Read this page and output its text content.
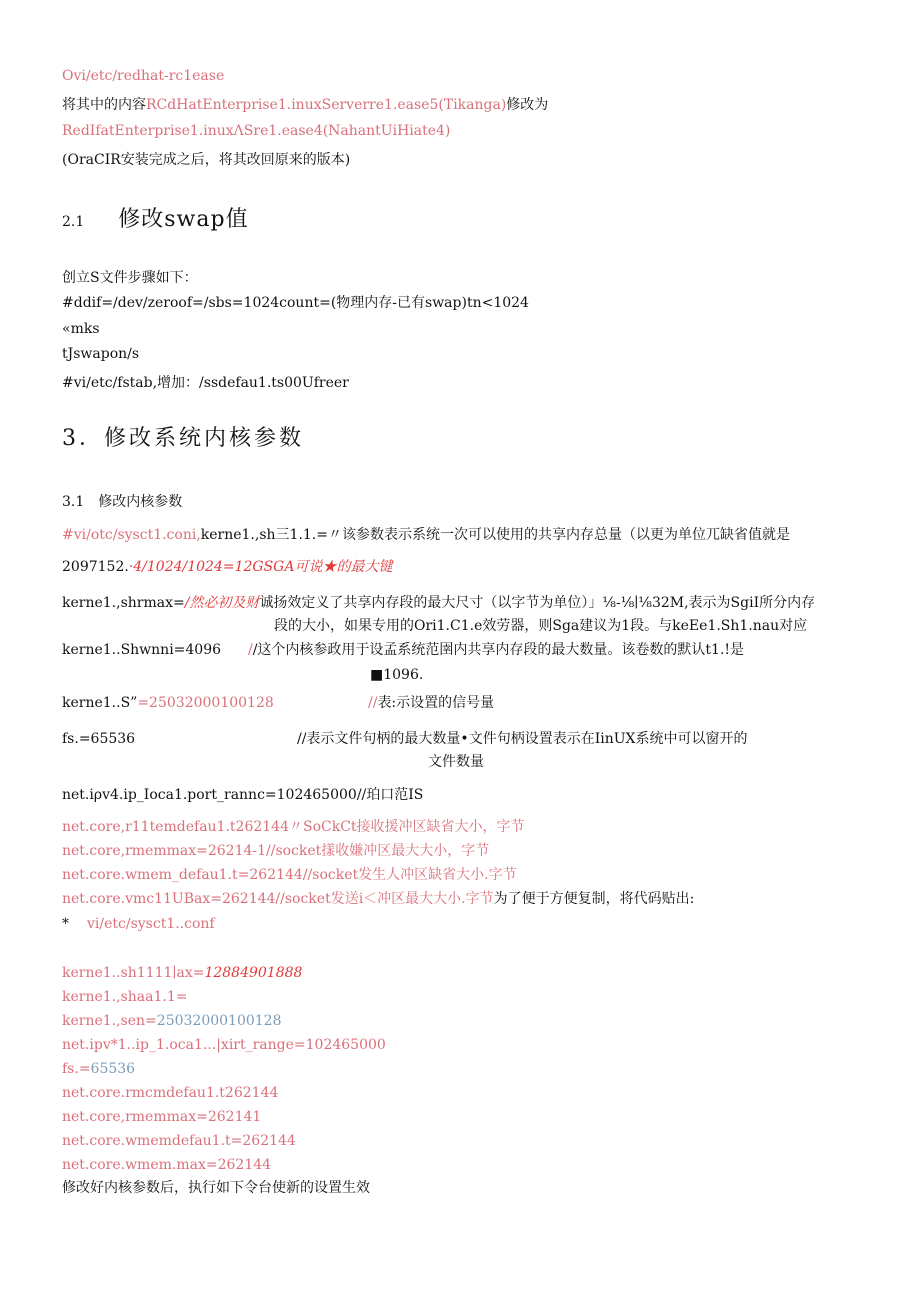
Ovi∕etc∕redhat-rc1ease
将其中的内容RCdHatEnterprise1.inuxServerre1.ease5(Tikanga)修改为
RedIfatEnterprise1.inuxΛSre1.ease4(NahantUiHiate4)
(OraCIR安装完成之后，将其改回原来的版本)
2.1 修改swap值
创立S文件步骤如下：
#ddif=∕dev∕zeroof=∕sbs=1024count=(物理内存-已有swap)tn<1024
«mks
tJswapon∕s
#vi∕etc∕fstab,增加：/ssdefau1.ts00Ufreer
3．修改系统内核参数
3.1 修改内核参数
#vi∕otc∕sysct1.coni,kerne1.,sh三1.1.=〃该参数表示系统一次可以使用的共享内存总量（以更为单位兀缺省值就是
2097152.·4/1024/1024=12GSGA可说★的最大键
kerne1.,shrmax=/然必初及财诚扬效定义了共享内存段的最大尺寸（以字节为单位）」⅛-⅛∣⅛32M,表示为SgiI所分内存
段的大小，如果专用的Ori1.C1.e效劳器，则Sga建议为1段。与keEe1.Sh1.nau对应
kerne1..Shwnni=4096 //这个内核参政用于设孟系统范圉内共享内存段的最大数量。该卷数的默认t1.!是
■1096.
kerne1..S”=25032000100128	//表:示设置的信号量
fs.=65536	//表示文件句柄的最大数量•文件句柄设置表示在IinUX系统中可以窗开的
文件数量
net.iρv4.ip_Ioca1.port_rannc=102465000//珀口范IS
net.core,r11temdefau1.t262144〃SoCkCt接收援冲区缺省大小，字节
net.core,rmemmax=26214-1//socket㨾收嫌冲区最大大小，字节
net.core.wmem_defau1.t=262144//socket发生人冲区缺省大小.字节
net.core.vmc11UBax=262144//socket发送i＜冲区最大大小.字节为了便于方便复制，将代码贴出:
* vi∕etc∕sysct1..conf
kerne1..sh1111∣ax=12884901888
kerne1.,shaa1.1=
kerne1.,sen=25032000100128
net.ipv*1..ip_1.oca1...|xirt_range=102465000
fs.=65536
net.core.rmcmdefau1.t262144
net.core,rmemmax=262141
net.core.wmemdefau1.t=262144
net.core.wmem.max=262144
修改好内核参数后，执行如下令台使新的设置生效
